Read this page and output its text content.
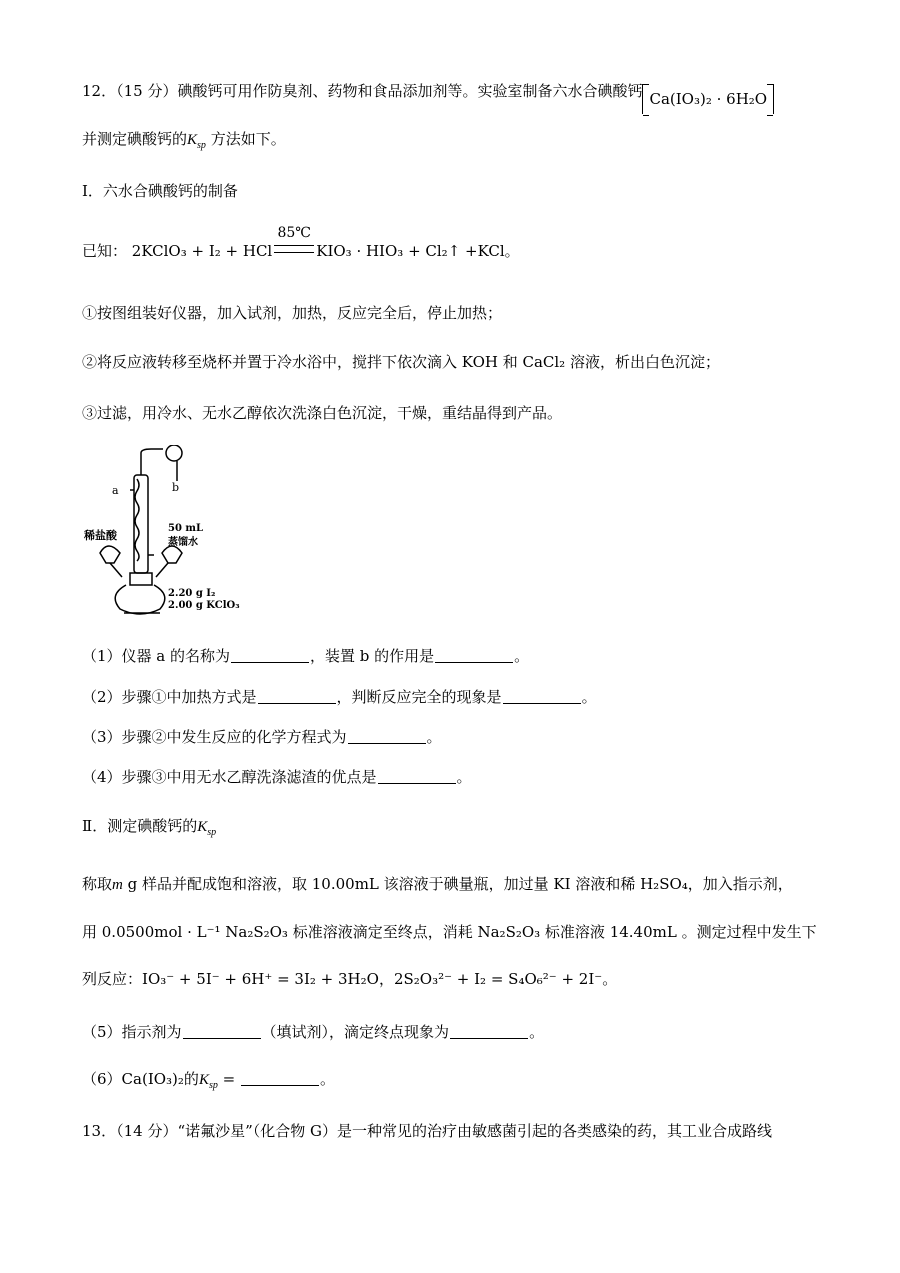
12．（15 分）碘酸钙可用作防臭剂、药物和食品添加剂等。实验室制备六水合碘酸钙 Ca(IO₃)₂ · 6H₂O
并测定碘酸钙的$K_{sp}$ 方法如下。
Ⅰ．六水合碘酸钙的制备
已知： 2KClO₃ + I₂ + HCl
85℃
KIO₃ · HIO₃ + Cl₂↑ +KCl。
①按图组装好仪器，加入试剂，加热，反应完全后，停止加热；
②将反应液转移至烧杯并置于冷水浴中，搅拌下依次滴入 KOH 和 CaCl₂ 溶液，析出白色沉淀；
③过滤，用冷水、无水乙醇依次洗涤白色沉淀，干燥，重结晶得到产品。
a	b
稀盐酸
50 mL
蒸馏水
2.20 g I₂
2.00 g KClO₃
（1）仪器 a 的名称为	，装置 b 的作用是	。
（2）步骤①中加热方式是	，判断反应完全的现象是	。
（3）步骤②中发生反应的化学方程式为	。
（4）步骤③中用无水乙醇洗涤滤渣的优点是	。
Ⅱ．测定碘酸钙的$K_{sp}$
称取m g 样品并配成饱和溶液，取 10.00mL 该溶液于碘量瓶，加过量 KI 溶液和稀 H₂SO₄，加入指示剂，
用 0.0500mol · L⁻¹ Na₂S₂O₃ 标准溶液滴定至终点，消耗 Na₂S₂O₃ 标准溶液 14.40mL 。测定过程中发生下
列反应：IO₃⁻ + 5I⁻ + 6H⁺ = 3I₂ + 3H₂O，2S₂O₃²⁻ + I₂ = S₄O₆²⁻ + 2I⁻。
（5）指示剂为	（填试剂），滴定终点现象为	。
（6）Ca(IO₃)₂的$K_{sp}$ =	。
13．（14 分）“诺氟沙星”（化合物 G）是一种常见的治疗由敏感菌引起的各类感染的药，其工业合成路线
